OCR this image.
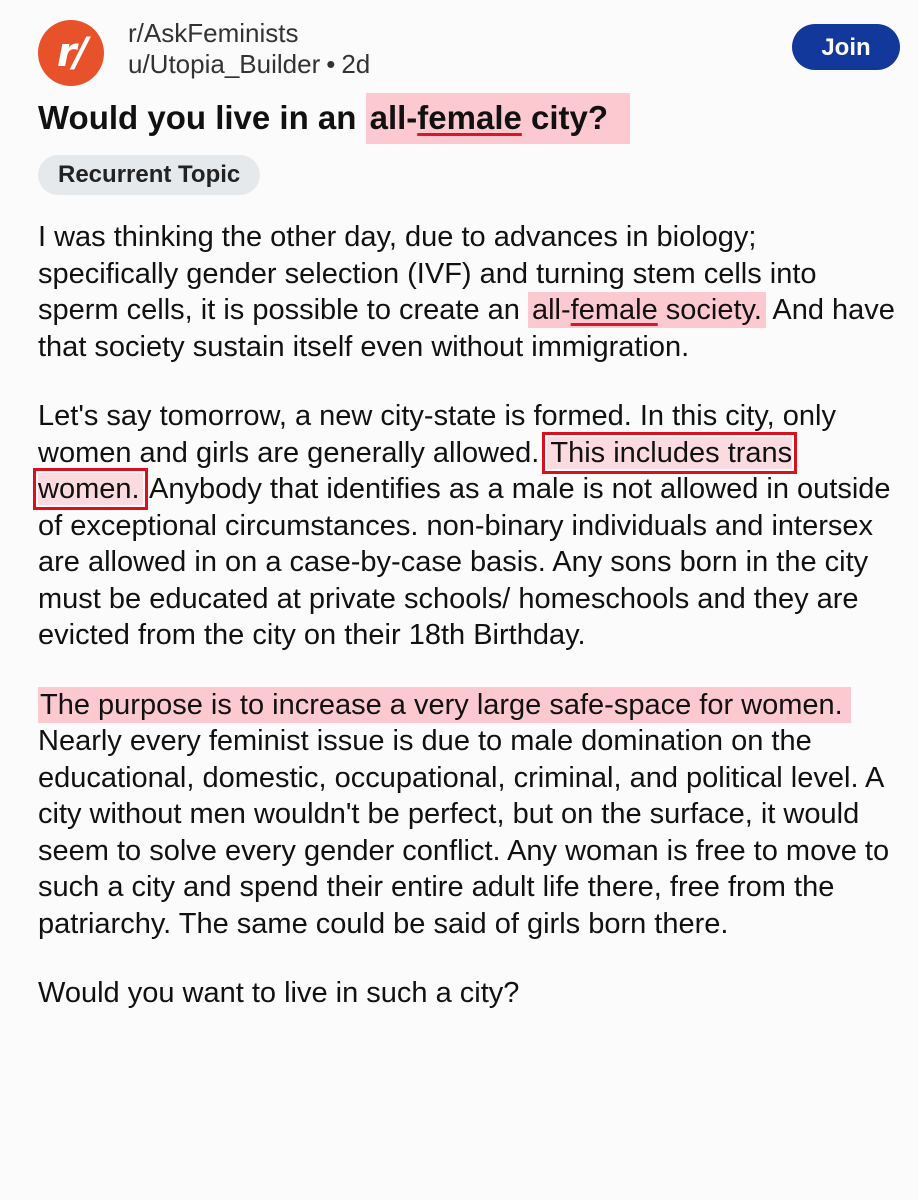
r/	r/AskFeminists
u/Utopia_Builder • 2d
Join
Would you live in an all-female city?
Recurrent Topic

I was thinking the other day, due to advances in biology; specifically gender selection (IVF) and turning stem cells into sperm cells, it is possible to create an all-female society. And have that society sustain itself even without immigration.

Let's say tomorrow, a new city-state is formed. In this city, only women and girls are generally allowed. This includes trans women. Anybody that identifies as a male is not allowed in outside of exceptional circumstances. non-binary individuals and intersex are allowed in on a case-by-case basis. Any sons born in the city must be educated at private schools/ homeschools and they are evicted from the city on their 18th Birthday.

The purpose is to increase a very large safe-space for women. Nearly every feminist issue is due to male domination on the educational, domestic, occupational, criminal, and political level. A city without men wouldn't be perfect, but on the surface, it would seem to solve every gender conflict. Any woman is free to move to such a city and spend their entire adult life there, free from the patriarchy. The same could be said of girls born there.

Would you want to live in such a city?
